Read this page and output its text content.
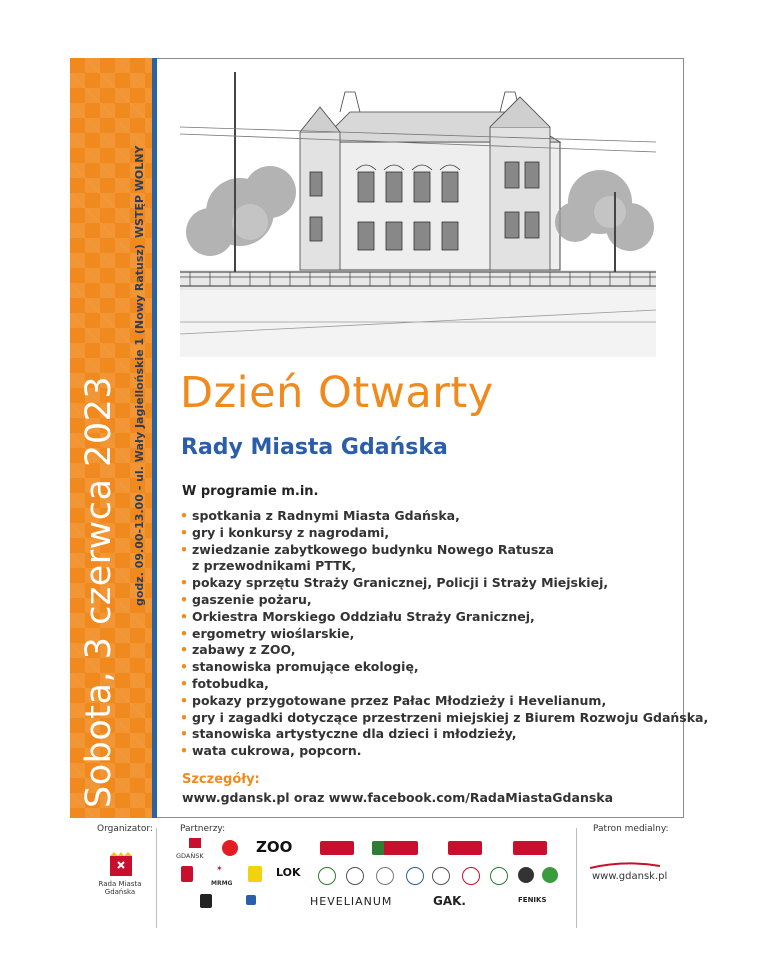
Sobota, 3 czerwca 2023 godz. 09.00-13.00 - ul. Wały Jagiellońskie 1 (Nowy Ratusz)WSTĘP WOLNY
Dzień Otwarty
Rady Miasta Gdańska
W programie m.in.
• spotkania z Radnymi Miasta Gdańska,
• gry i konkursy z nagrodami,
• zwiedzanie zabytkowego budynku Nowego Ratusza
z przewodnikami PTTK,
• pokazy sprzętu Straży Granicznej, Policji i Straży Miejskiej,
• gaszenie pożaru,
• Orkiestra Morskiego Oddziału Straży Granicznej,
• ergometry wioślarskie,
• zabawy z ZOO,
• stanowiska promujące ekologię,
• fotobudka,
• pokazy przygotowane przez Pałac Młodzieży i Hevelianum,
• gry i zagadki dotyczące przestrzeni miejskiej z Biurem Rozwoju Gdańska,
• stanowiska artystyczne dla dzieci i młodzieży,
• wata cukrowa, popcorn.
Szczegóły:
www.gdansk.pl oraz www.facebook.com/RadaMiastaGdanska
Organizator:	Partnerzy:	Patron medialny:
Rada Miasta Gdańska
GDAŃSK	ZOO
✶
MRMG
LOK
HEVELIANUM	GAK.	FENIKS
www.gdansk.pl
